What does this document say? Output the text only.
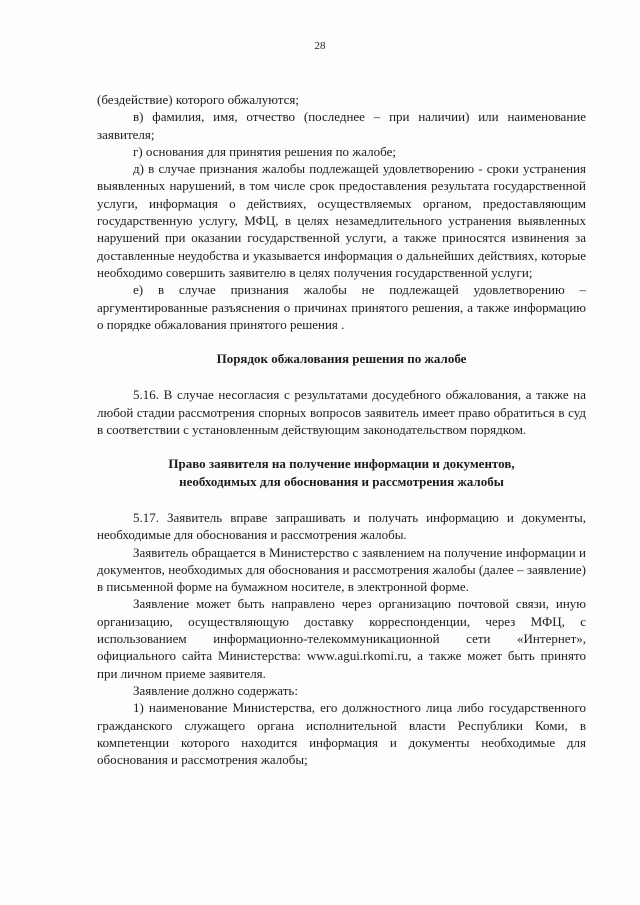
28

(бездействие) которого обжалуются;

в) фамилия, имя, отчество (последнее – при наличии) или наименование заявителя;

г) основания для принятия решения по жалобе;

д) в случае признания жалобы подлежащей удовлетворению - сроки устранения выявленных нарушений, в том числе срок предоставления результата государственной услуги, информация о действиях, осуществляемых органом, предоставляющим государственную услугу, МФЦ, в целях незамедлительного устранения выявленных нарушений при оказании государственной услуги, а также приносятся извинения за доставленные неудобства и указывается информация о дальнейших действиях, которые необходимо совершить заявителю в целях получения государственной услуги;

е) в случае признания жалобы не подлежащей удовлетворению – аргументированные разъяснения о причинах принятого решения, а также информацию о порядке обжалования принятого решения .

Порядок обжалования решения по жалобе

5.16. В случае несогласия с результатами досудебного обжалования, а также на любой стадии рассмотрения спорных вопросов заявитель имеет право обратиться в суд в соответствии с установленным действующим законодательством порядком.

Право заявителя на получение информации и документов,

необходимых для обоснования и рассмотрения жалобы

5.17. Заявитель вправе запрашивать и получать информацию и документы, необходимые для обоснования и рассмотрения жалобы.

Заявитель обращается в Министерство с заявлением на получение информации и документов, необходимых для обоснования и рассмотрения жалобы (далее – заявление) в письменной форме на бумажном носителе, в электронной форме.

Заявление может быть направлено через организацию почтовой связи, иную организацию, осуществляющую доставку корреспонденции, через МФЦ, с использованием информационно-телекоммуникационной сети «Интернет», официального сайта Министерства: www.agui.rkomi.ru, а также может быть принято при личном приеме заявителя.

Заявление должно содержать:

1) наименование Министерства, его должностного лица либо государственного гражданского служащего органа исполнительной власти Республики Коми, в компетенции которого находится информация и документы необходимые для обоснования и рассмотрения жалобы;
